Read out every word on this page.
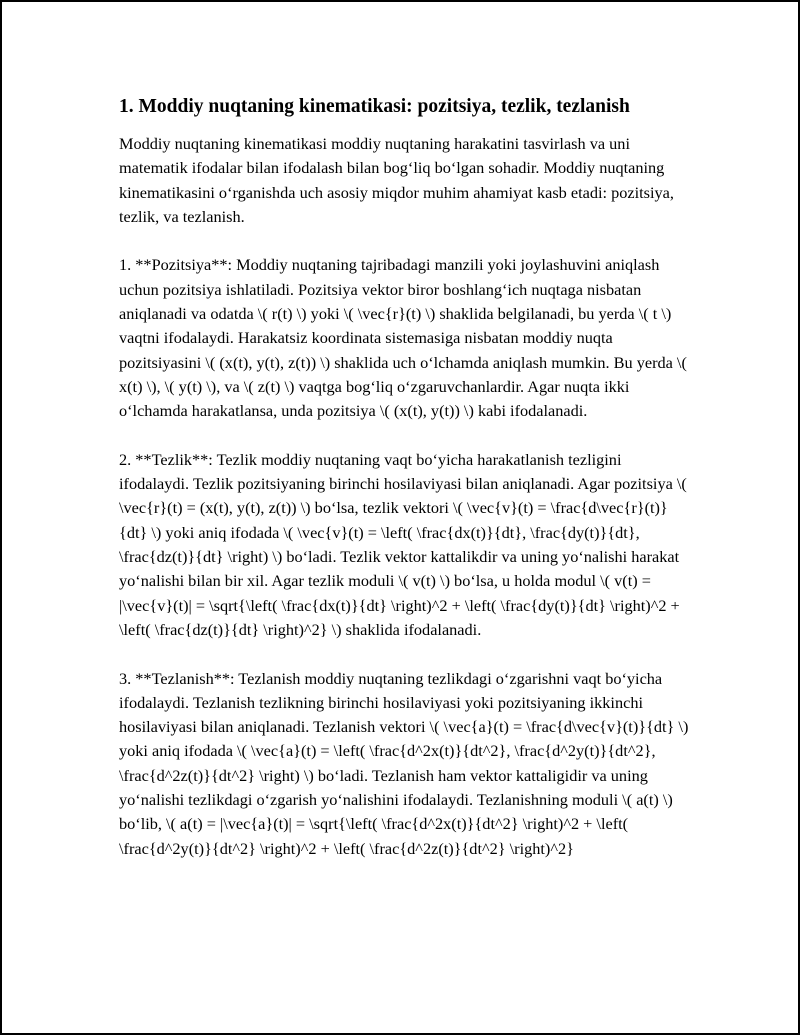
1. Moddiy nuqtaning kinematikasi: pozitsiya, tezlik, tezlanish

Moddiy nuqtaning kinematikasi moddiy nuqtaning harakatini tasvirlash va uni matematik ifodalar bilan ifodalash bilan bog‘liq bo‘lgan sohadir. Moddiy nuqtaning kinematikasini o‘rganishda uch asosiy miqdor muhim ahamiyat kasb etadi: pozitsiya, tezlik, va tezlanish.

1. **Pozitsiya**: Moddiy nuqtaning tajribadagi manzili yoki joylashuvini aniqlash uchun pozitsiya ishlatiladi. Pozitsiya vektor biror boshlang‘ich nuqtaga nisbatan aniqlanadi va odatda \( r(t) \) yoki \( \vec{r}(t) \) shaklida belgilanadi, bu yerda \( t \) vaqtni ifodalaydi. Harakatsiz koordinata sistemasiga nisbatan moddiy nuqta pozitsiyasini \( (x(t), y(t), z(t)) \) shaklida uch o‘lchamda aniqlash mumkin. Bu yerda \( x(t) \), \( y(t) \), va \( z(t) \) vaqtga bog‘liq o‘zgaruvchanlardir. Agar nuqta ikki o‘lchamda harakatlansa, unda pozitsiya \( (x(t), y(t)) \) kabi ifodalanadi.

2. **Tezlik**: Tezlik moddiy nuqtaning vaqt bo‘yicha harakatlanish tezligini ifodalaydi. Tezlik pozitsiyaning birinchi hosilaviyasi bilan aniqlanadi. Agar pozitsiya \( \vec{r}(t) = (x(t), y(t), z(t)) \) bo‘lsa, tezlik vektori \( \vec{v}(t) = \frac{d\vec{r}(t)}{dt} \) yoki aniq ifodada \( \vec{v}(t) = \left( \frac{dx(t)}{dt}, \frac{dy(t)}{dt}, \frac{dz(t)}{dt} \right) \) bo‘ladi. Tezlik vektor kattalikdir va uning yo‘nalishi harakat yo‘nalishi bilan bir xil. Agar tezlik moduli \( v(t) \) bo‘lsa, u holda modul \( v(t) = |\vec{v}(t)| = \sqrt{\left( \frac{dx(t)}{dt} \right)^2 + \left( \frac{dy(t)}{dt} \right)^2 + \left( \frac{dz(t)}{dt} \right)^2} \) shaklida ifodalanadi.

3. **Tezlanish**: Tezlanish moddiy nuqtaning tezlikdagi o‘zgarishni vaqt bo‘yicha ifodalaydi. Tezlanish tezlikning birinchi hosilaviyasi yoki pozitsiyaning ikkinchi hosilaviyasi bilan aniqlanadi. Tezlanish vektori \( \vec{a}(t) = \frac{d\vec{v}(t)}{dt} \) yoki aniq ifodada \( \vec{a}(t) = \left( \frac{d^2x(t)}{dt^2}, \frac{d^2y(t)}{dt^2}, \frac{d^2z(t)}{dt^2} \right) \) bo‘ladi. Tezlanish ham vektor kattaligidir va uning yo‘nalishi tezlikdagi o‘zgarish yo‘nalishini ifodalaydi. Tezlanishning moduli \( a(t) \) bo‘lib, \( a(t) = |\vec{a}(t)| = \sqrt{\left( \frac{d^2x(t)}{dt^2} \right)^2 + \left( \frac{d^2y(t)}{dt^2} \right)^2 + \left( \frac{d^2z(t)}{dt^2} \right)^2}
